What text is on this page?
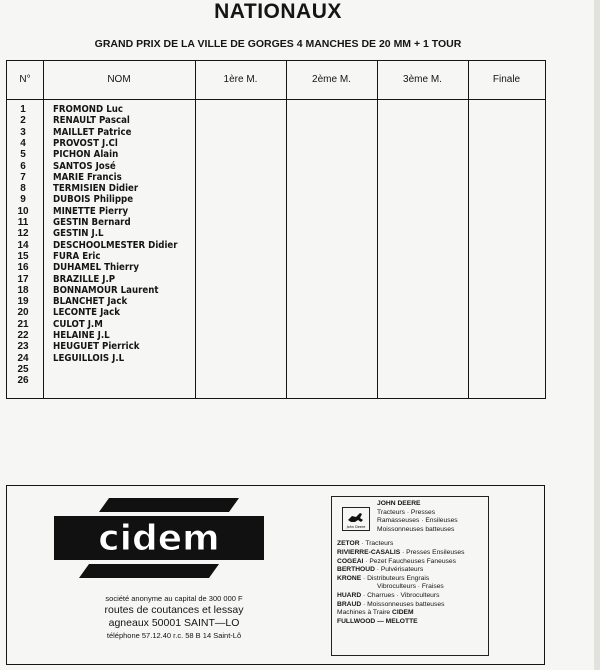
NATIONAUX
GRAND PRIX DE LA VILLE DE GORGES 4 MANCHES DE 20 MM + 1 TOUR
N°	NOM	1ère M.	2ème M.	3ème M.	Finale
1	FROMOND Luc
2	RENAULT Pascal
3	MAILLET Patrice
4	PROVOST J.Cl
5	PICHON Alain
6	SANTOS José
7	MARIE Francis
8	TERMISIEN Didier
9	DUBOIS Philippe
10	MINETTE Pierry
11	GESTIN Bernard
12	GESTIN J.L
14	DESCHOOLMESTER Didier
15	FURA Eric
16	DUHAMEL Thierry
17	BRAZILLE J.P
18	BONNAMOUR Laurent
19	BLANCHET Jack
20	LECONTE Jack
21	CULOT J.M
22	HELAINE J.L
23	HEUGUET Pierrick
24	LEGUILLOIS J.L
25
26
cidem
société anonyme au capital de 300 000 F
routes de coutances et lessay
agneaux 50001 SAINT—LO
téléphone 57.12.40 r.c. 58 B 14 Saint-Lô
John Deere
JOHN DEERE
Tracteurs · Presses
Ramasseuses · Ensileuses
Moissonneuses batteuses
ZETOR · Tracteurs
RIVIERRE-CASALIS · Presses Ensileuses
COGEAI · Pezet Faucheuses Faneuses
BERTHOUD · Pulvérisateurs
KRONE · Distributeurs Engrais
Vibroculteurs · Fraises
HUARD · Charrues · Vibroculteurs
BRAUD · Moissonneuses batteuses
Machines à Traire CIDEM
FULLWOOD — MELOTTE
